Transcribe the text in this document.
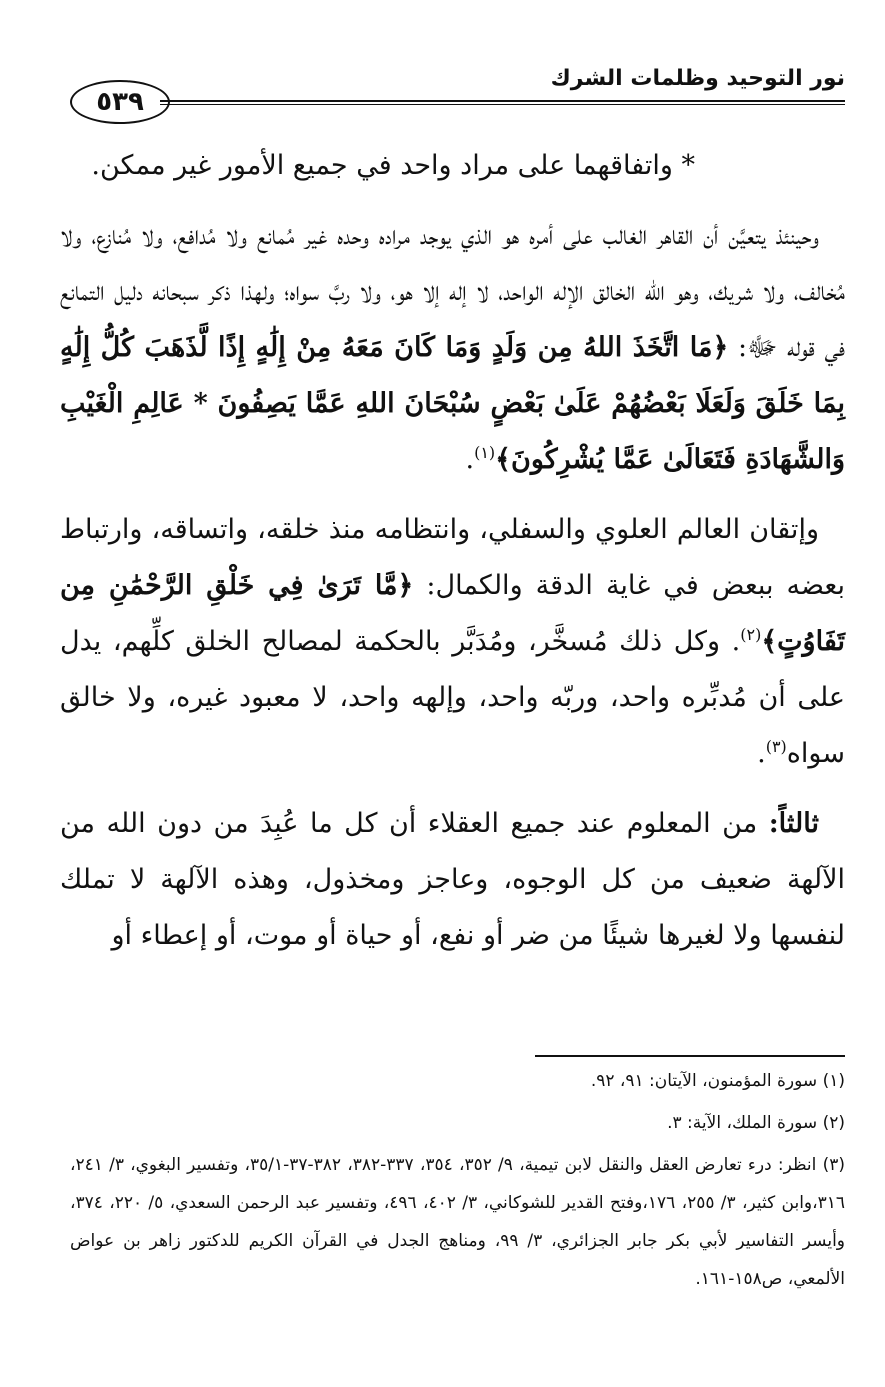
نور التوحيد وظلمات الشرك
٥٣٩

* واتفاقهما على مراد واحد في جميع الأمور غير ممكن.

وحينئذ يتعيَّن أن القاهر الغالب على أمره هو الذي يوجد مراده وحده غير مُمانع ولا مُدافع، ولا مُنازع، ولا مُخالف، ولا شريك، وهو الله الخالق الإله الواحد، لا إله إلا هو، ولا ربَّ سواه؛ ولهذا ذكر سبحانه دليل التمانع في قوله ﷻ: ﴿مَا اتَّخَذَ اللهُ مِن وَلَدٍ وَمَا كَانَ مَعَهُ مِنْ إِلَٰهٍ إِذًا لَّذَهَبَ كُلُّ إِلَٰهٍ بِمَا خَلَقَ وَلَعَلَا بَعْضُهُمْ عَلَىٰ بَعْضٍ سُبْحَانَ اللهِ عَمَّا يَصِفُونَ * عَالِمِ الْغَيْبِ وَالشَّهَادَةِ فَتَعَالَىٰ عَمَّا يُشْرِكُونَ﴾$^{(١)}$.

وإتقان العالم العلوي والسفلي، وانتظامه منذ خلقه، واتساقه، وارتباط بعضه ببعض في غاية الدقة والكمال: ﴿مَّا تَرَىٰ فِي خَلْقِ الرَّحْمَٰنِ مِن تَفَاوُتٍ﴾$^{(٢)}$. وكل ذلك مُسخَّر، ومُدَبَّر بالحكمة لمصالح الخلق كلِّهم، يدل على أن مُدبِّره واحد، وربّه واحد، وإلهه واحد، لا معبود غيره، ولا خالق سواه$^{(٣)}$.

ثالثاً: من المعلوم عند جميع العقلاء أن كل ما عُبِدَ من دون الله من الآلهة ضعيف من كل الوجوه، وعاجز ومخذول، وهذه الآلهة لا تملك لنفسها ولا لغيرها شيئًا من ضر أو نفع، أو حياة أو موت، أو إعطاء أو

(١) سورة المؤمنون، الآيتان: ٩١، ٩٢.

(٢) سورة الملك، الآية: ٣.

(٣) انظر: درء تعارض العقل والنقل لابن تيمية، ٩/ ٣٥٢، ٣٥٤، ٣٣٧-٣٨٢، ٣٨٢-٣٧-٣٥/١، وتفسير البغوي، ٣/ ٢٤١، ٣١٦،وابن كثير، ٣/ ٢٥٥، ١٧٦،وفتح القدير للشوكاني، ٣/ ٤٠٢، ٤٩٦، وتفسير عبد الرحمن السعدي، ٥/ ٢٢٠، ٣٧٤، وأيسر التفاسير لأبي بكر جابر الجزائري، ٣/ ٩٩، ومناهج الجدل في القرآن الكريم للدكتور زاهر بن عواض الألمعي، ص١٥٨-١٦١.
